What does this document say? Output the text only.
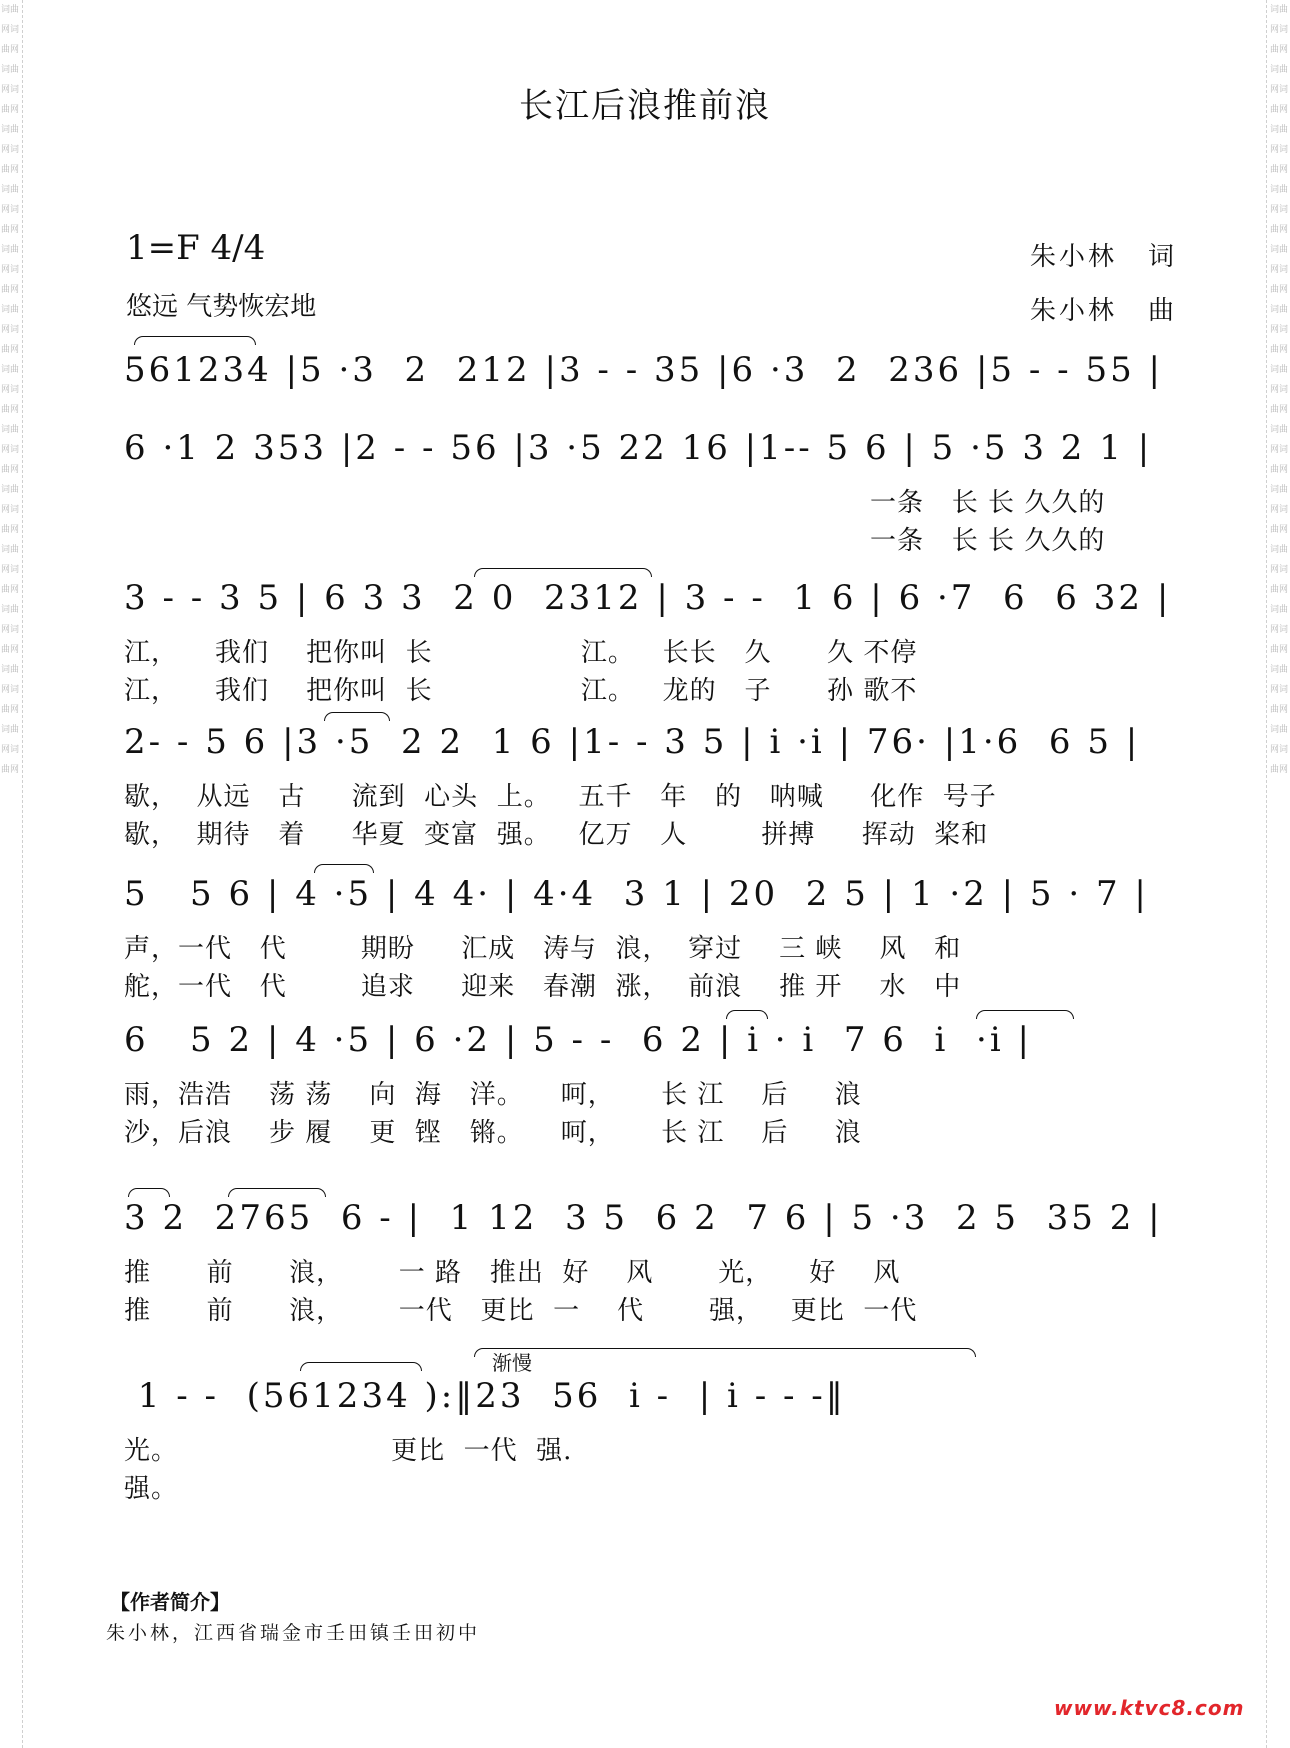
词曲网词曲网词曲网词曲网词曲网词曲网词曲网词曲网词曲网词曲网词曲网词曲网词曲网词曲网词曲网词曲网词曲网词曲网词曲网词曲网词曲网词曲网词曲网词曲网词曲网词曲网
词曲网词曲网词曲网词曲网词曲网词曲网词曲网词曲网词曲网词曲网词曲网词曲网词曲网词曲网词曲网词曲网词曲网词曲网词曲网词曲网词曲网词曲网词曲网词曲网词曲网词曲网
长江后浪推前浪
1=F 4/4
悠远 气势恢宏地
朱小林 词
朱小林 曲
561234 |5 ·3  2  212 |3 - - 35 |6 ·3  2  236 |5 - - 55 |
6 ·1 2 353 |2 - - 56 |3 ·5 22 16 |1-- 5 6 | 5 ·5 3 2 1 |
一条   长 长 久久的
一条   长 长 久久的
3 - - 3 5 | 6 3 3  2 0  2312 | 3 - -  1 6 | 6 ·7  6  6 32 |
江，    我们    把你叫  长                江。   长长   久      久 不停
江，    我们    把你叫  长                江。   龙的   子      孙 歌不
2- - 5 6 |3 ·5  2 2  1 6 |1- - 3 5 | i ·i | 76· |1·6  6 5 |
歇，  从远   古     流到  心头  上。   五千   年   的   呐喊     化作  号子
歇，  期待   着     华夏  变富  强。   亿万   人        拼搏     挥动  桨和
5   5 6 | 4 ·5 | 4 4· | 4·4  3 1 | 20  2 5 | 1 ·2 | 5 · 7 |
声，一代   代        期盼     汇成   涛与  浪，  穿过    三 峡    风   和
舵，一代   代        追求     迎来   春潮  涨，  前浪    推 开    水   中
6   5 2 | 4 ·5 | 6 ·2 | 5 - -  6 2 | i · i  7 6  i  ·i |
雨，浩浩    荡 荡    向  海   洋。    呵，     长 江    后     浪
沙，后浪    步 履    更  铿   锵。    呵，     长 江    后     浪
3 2  2765  6 - |  1 12  3 5  6 2  7 6 | 5 ·3  2 5  35 2 |
推      前      浪，      一 路   推出  好    风       光，    好    风
推      前      浪，      一代   更比  一    代       强，   更比  一代
渐慢
1 - -  (561234 ):‖23  56  i -  | i - - -‖
光。                       更比  一代  强.
强。
【作者简介】
朱小林，江西省瑞金市壬田镇壬田初中
www.ktvc8.com
